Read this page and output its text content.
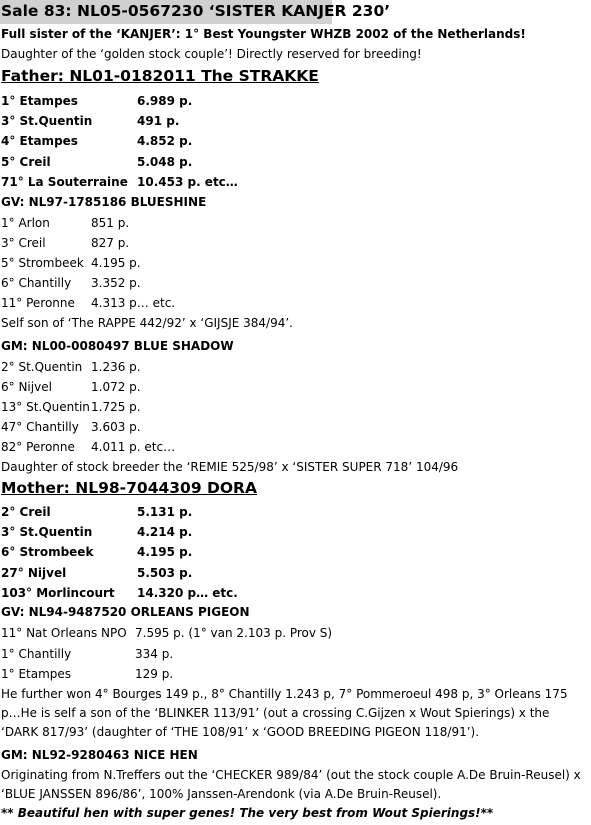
Sale 83: NL05-0567230 ‘SISTER KANJER 230’
Full sister of the ‘KANJER’: 1° Best Youngster WHZB 2002 of the Netherlands!
Daughter of the ‘golden stock couple’! Directly reserved for breeding!
Father: NL01-0182011 The STRAKKE
1° Etampes	6.989 p.
3° St.Quentin	491 p.
4° Etampes	4.852 p.
5° Creil	5.048 p.
71° La Souterraine 10.453 p. etc…
GV: NL97-1785186 BLUESHINE
1° Arlon	851 p.
3° Creil	827 p.
5° Strombeek 4.195 p.
6° Chantilly 3.352 p.
11° Peronne 4.313 p… etc.
Self son of ‘The RAPPE 442/92’ x ‘GIJSJE 384/94’.
GM: NL00-0080497 BLUE SHADOW
2° St.Quentin 1.236 p.
6° Nijvel	1.072 p.
13° St.Quentin 1.725 p.
47° Chantilly 3.603 p.
82° Peronne 4.011 p. etc…
Daughter of stock breeder the ‘REMIE 525/98’ x ‘SISTER SUPER 718’ 104/96
Mother: NL98-7044309 DORA
2° Creil	5.131 p.
3° St.Quentin	4.214 p.
6° Strombeek	4.195 p.
27° Nijvel	5.503 p.
103° Morlincourt 14.320 p… etc.
GV: NL94-9487520 ORLEANS PIGEON
11° Nat Orleans NPO 7.595 p. (1° van 2.103 p. Prov S)
1° Chantilly	334 p.
1° Etampes	129 p.
He further won 4° Bourges 149 p., 8° Chantilly 1.243 p, 7° Pommeroeul 498 p, 3° Orleans 175 p…He is self a son of the ‘BLINKER 113/91’ (out a crossing C.Gijzen x Wout Spierings) x the ‘DARK 817/93’ (daughter of ‘THE 108/91’ x ‘GOOD BREEDING PIGEON 118/91’).
GM: NL92-9280463 NICE HEN
Originating from N.Treffers out the ‘CHECKER 989/84’ (out the stock couple A.De Bruin-Reusel) x ‘BLUE JANSSEN 896/86’, 100% Janssen-Arendonk (via A.De Bruin-Reusel).
** Beautiful hen with super genes! The very best from Wout Spierings!**
